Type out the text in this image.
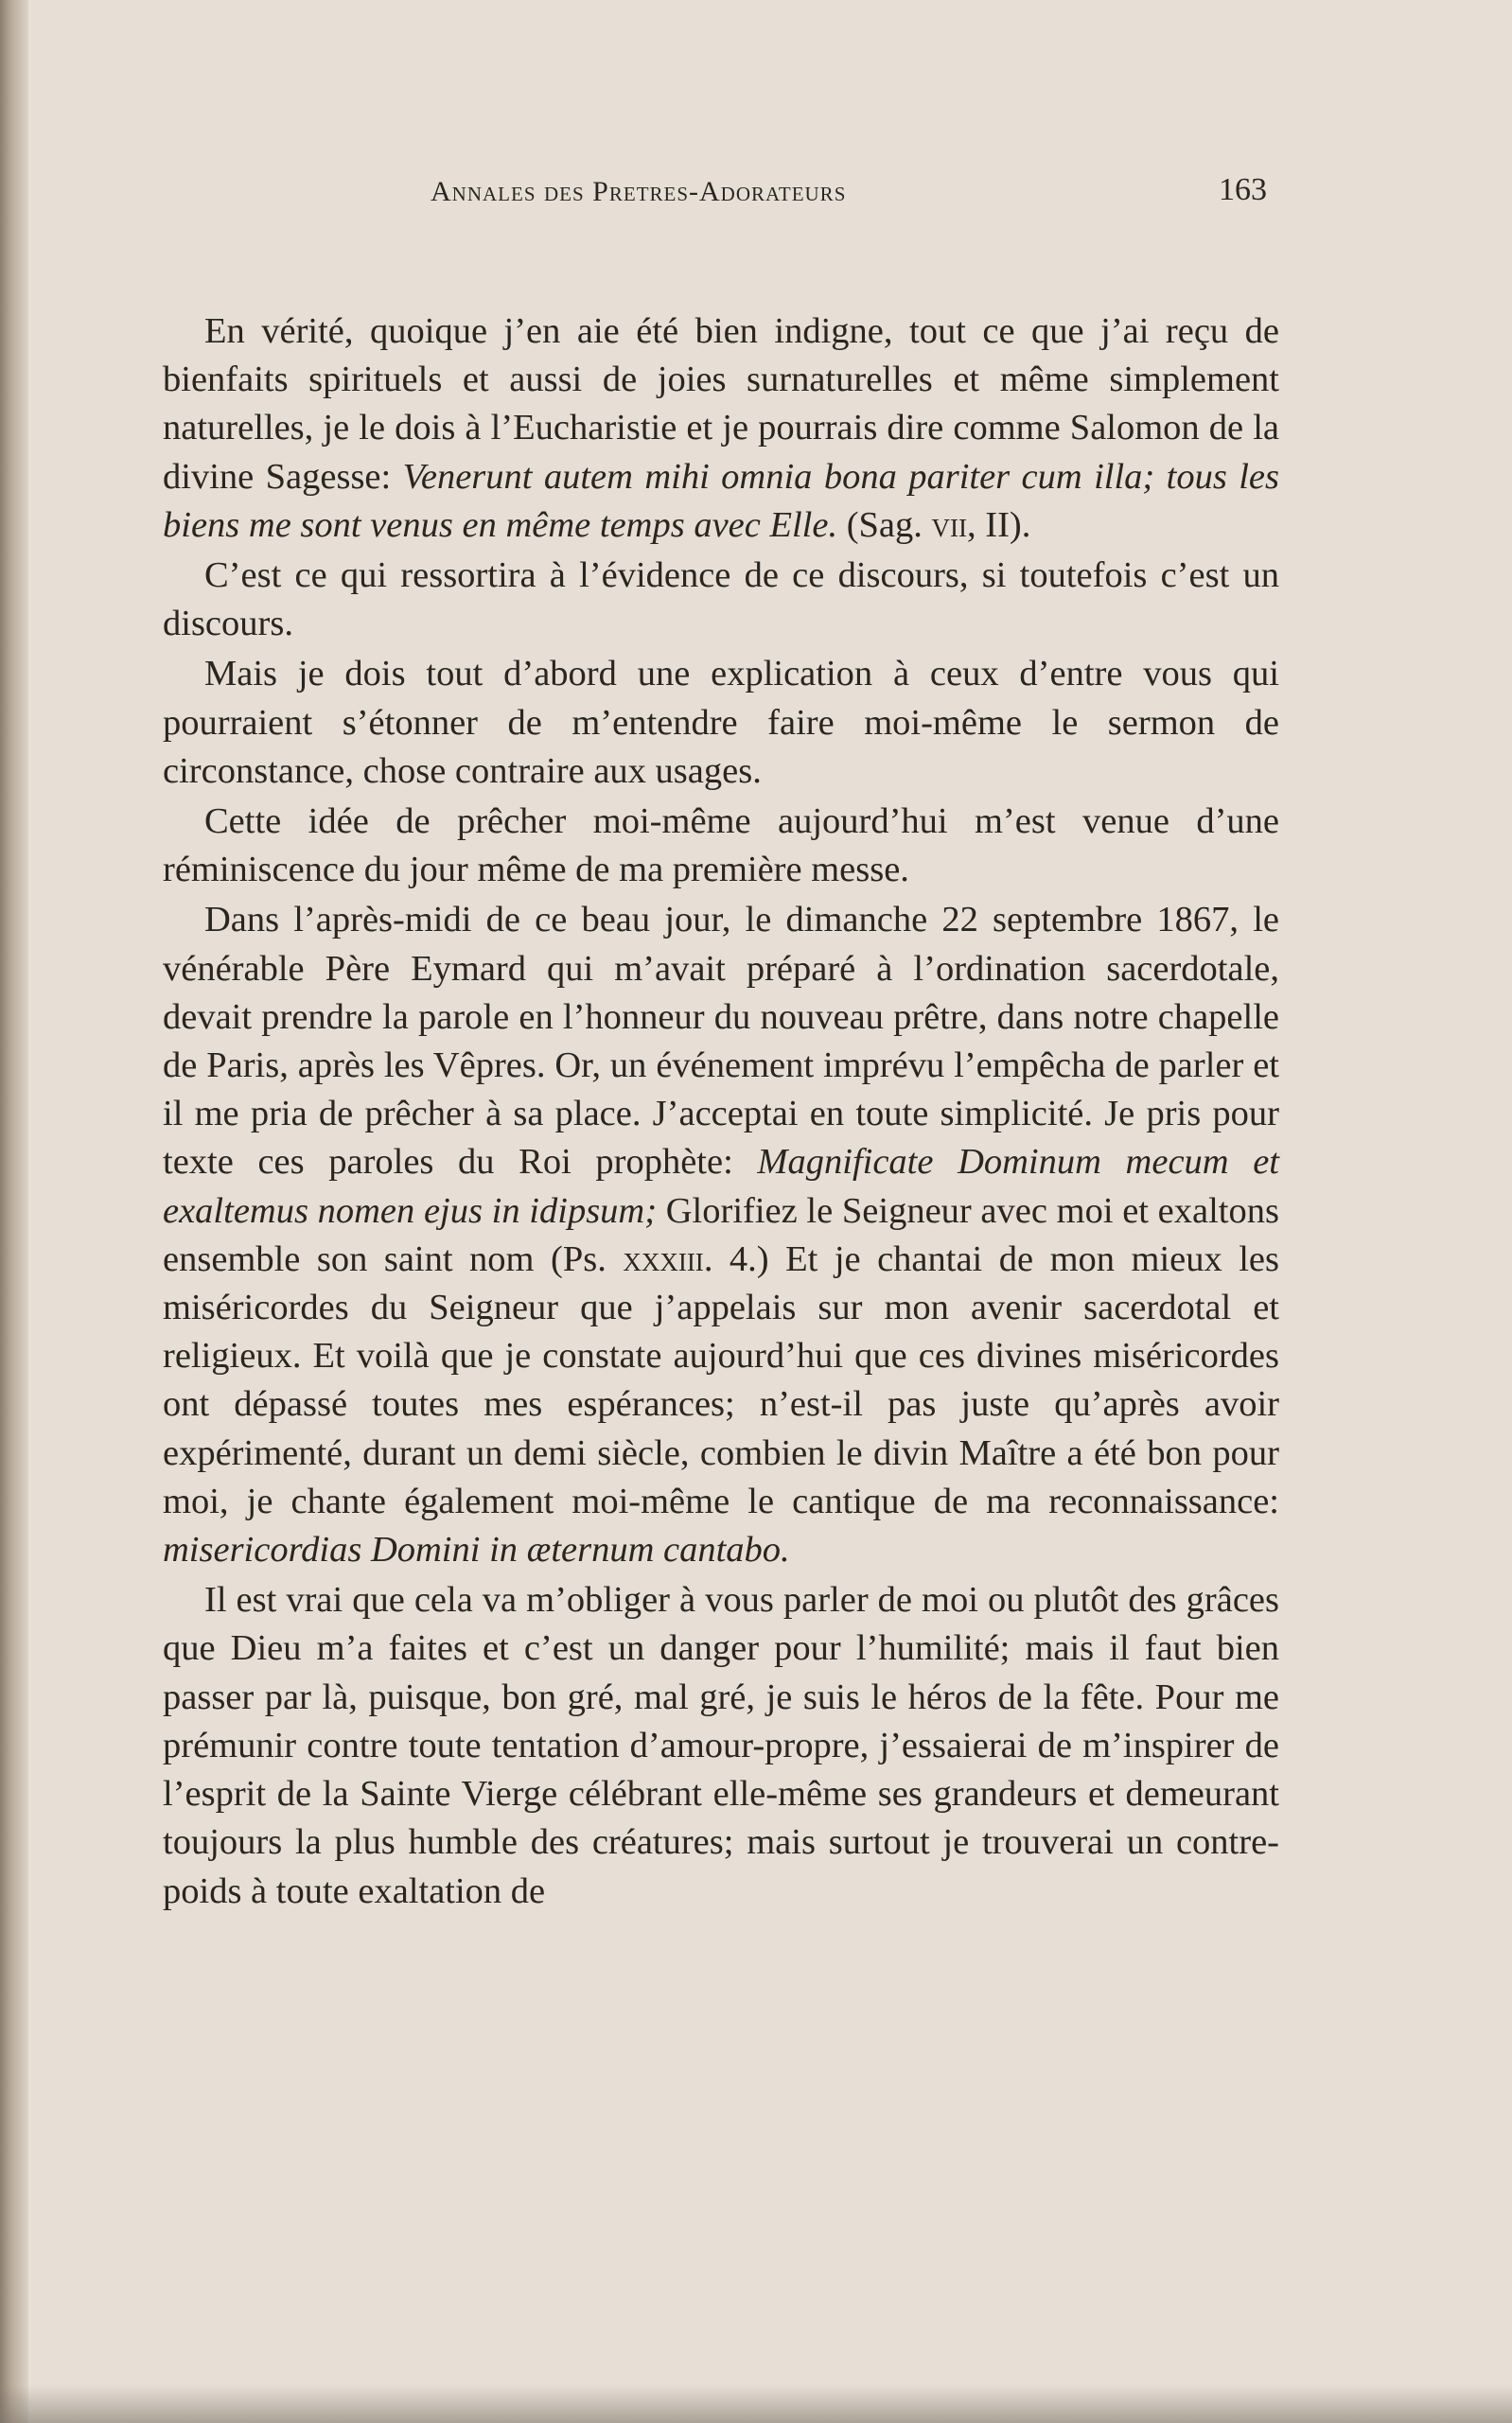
Annales des Pretres-Adorateurs	163

En vérité, quoique j’en aie été bien indigne, tout ce que j’ai reçu de bienfaits spirituels et aussi de joies surnaturelles et même simplement naturelles, je le dois à l’Eucharistie et je pourrais dire comme Salomon de la divine Sagesse: Venerunt autem mihi omnia bona pariter cum illa; tous les biens me sont venus en même temps avec Elle. (Sag. vii, II).

C’est ce qui ressortira à l’évidence de ce discours, si toutefois c’est un discours.

Mais je dois tout d’abord une explication à ceux d’entre vous qui pourraient s’étonner de m’entendre faire moi-même le sermon de circonstance, chose contraire aux usages.

Cette idée de prêcher moi-même aujourd’hui m’est venue d’une réminiscence du jour même de ma première messe.

Dans l’après-midi de ce beau jour, le dimanche 22 septembre 1867, le vénérable Père Eymard qui m’avait préparé à l’ordination sacerdotale, devait prendre la parole en l’honneur du nouveau prêtre, dans notre chapelle de Paris, après les Vêpres. Or, un événement imprévu l’empêcha de parler et il me pria de prêcher à sa place. J’acceptai en toute simplicité. Je pris pour texte ces paroles du Roi prophète: Magnificate Dominum mecum et exaltemus nomen ejus in idipsum; Glorifiez le Seigneur avec moi et exaltons ensemble son saint nom (Ps. xxxiii. 4.) Et je chantai de mon mieux les miséricordes du Seigneur que j’appelais sur mon avenir sacerdotal et religieux. Et voilà que je constate aujourd’hui que ces divines miséricordes ont dépassé toutes mes espérances; n’est-il pas juste qu’après avoir expérimenté, durant un demi siècle, combien le divin Maître a été bon pour moi, je chante également moi-même le cantique de ma reconnaissance: misericordias Domini in æternum cantabo.

Il est vrai que cela va m’obliger à vous parler de moi ou plutôt des grâces que Dieu m’a faites et c’est un danger pour l’humilité; mais il faut bien passer par là, puisque, bon gré, mal gré, je suis le héros de la fête. Pour me prémunir contre toute tentation d’amour-propre, j’essaierai de m’inspirer de l’esprit de la Sainte Vierge célébrant elle-même ses grandeurs et demeurant toujours la plus humble des créatures; mais surtout je trouverai un contre-poids à toute exaltation de
